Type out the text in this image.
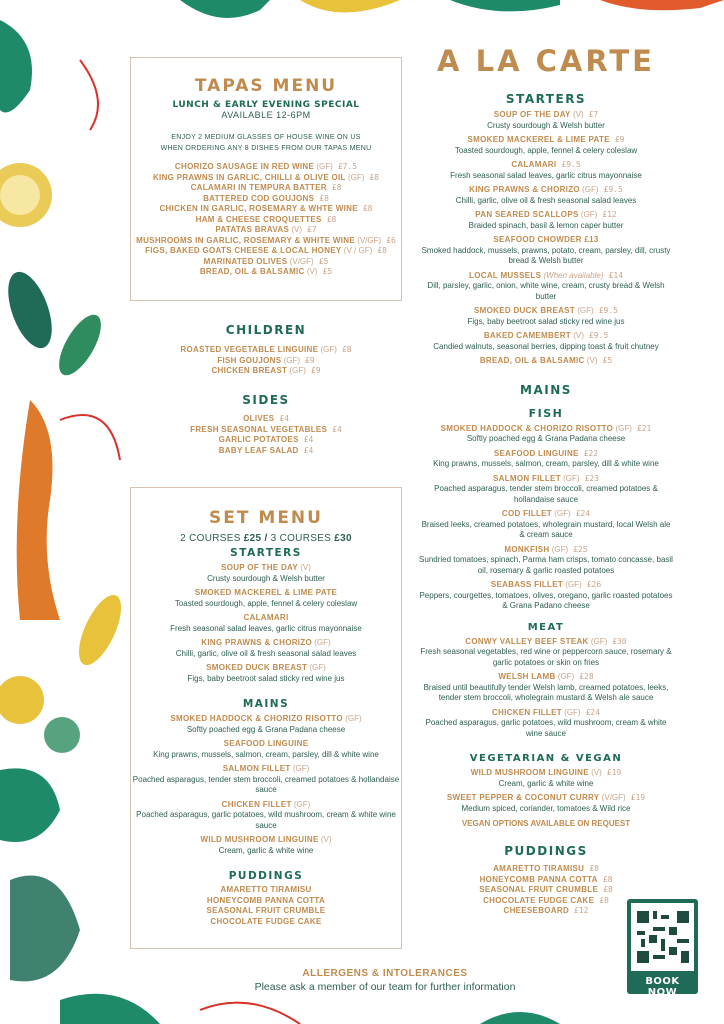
TAPAS MENU
LUNCH & EARLY EVENING SPECIAL
AVAILABLE 12-6PM
ENJOY 2 MEDIUM GLASSES OF HOUSE WINE ON US
WHEN ORDERING ANY 8 DISHES FROM OUR TAPAS MENU
CHORIZO SAUSAGE IN RED WINE (GF) £7.5
KING PRAWNS IN GARLIC, CHILLI & OLIVE OIL (GF) £8
CALAMARI IN TEMPURA BATTER £8
BATTERED COD GOUJONS £8
CHICKEN IN GARLIC, ROSEMARY & WHTE WINE £8
HAM & CHEESE CROQUETTES £8
PATATAS BRAVAS (V) £7
MUSHROOMS IN GARLIC, ROSEMARY & WHITE WINE (V/GF) £6
FIGS, BAKED GOATS CHEESE & LOCAL HONEY (V / GF) £8
MARINATED OLIVES (V/GF) £5
BREAD, OIL & BALSAMIC (V) £5
CHILDREN
ROASTED VEGETABLE LINGUINE (GF) £8
FISH GOUJONS (GF) £9
CHICKEN BREAST (GF) £9
SIDES
OLIVES £4
FRESH SEASONAL VEGETABLES £4
GARLIC POTATOES £4
BABY LEAF SALAD £4
SET MENU
2 COURSES £25 / 3 COURSES £30
STARTERS
SOUP OF THE DAY (V)
Crusty sourdough & Welsh butter
SMOKED MACKEREL & LIME PATE
Toasted sourdough, apple, fennel & celery coleslaw
CALAMARI
Fresh seasonal salad leaves, garlic citrus mayonnaise
KING PRAWNS & CHORIZO (GF)
Chilli, garlic, olive oil & fresh seasonal salad leaves
SMOKED DUCK BREAST (GF)
Figs, baby beetroot salad sticky red wine jus
MAINS
SMOKED HADDOCK & CHORIZO RISOTTO (GF)
Softly poached egg & Grana Padana cheese
SEAFOOD LINGUINE
King prawns, mussels, salmon, cream, parsley, dill & white wine
SALMON FILLET (GF)
Poached asparagus, tender stem broccoli, creamed potatoes & hollandaise sauce
CHICKEN FILLET (GF)
Poached asparagus, garlic potatoes, wild mushroom, cream & white wine sauce
WILD MUSHROOM LINGUINE (V)
Cream, garlic & white wine
PUDDINGS
AMARETTO TIRAMISU
HONEYCOMB PANNA COTTA
SEASONAL FRUIT CRUMBLE
CHOCOLATE FUDGE CAKE
A LA CARTE
STARTERS
SOUP OF THE DAY (V) £7
Crusty sourdough & Welsh butter
SMOKED MACKEREL & LIME PATE £9
Toasted sourdough, apple, fennel & celery coleslaw
CALAMARI £9.5
Fresh seasonal salad leaves, garlic citrus mayonnaise
KING PRAWNS & CHORIZO (GF) £9.5
Chilli, garlic, olive oil & fresh seasonal salad leaves
PAN SEARED SCALLOPS (GF) £12
Braided spinach, basil & lemon caper butter
SEAFOOD CHOWDER £13
Smoked haddock, mussels, prawns, potato, cream, parsley, dill, crusty bread & Welsh butter
LOCAL MUSSELS (When available) £14
Dill, parsley, garlic, onion, white wine, cream, crusty bread & Welsh butter
SMOKED DUCK BREAST (GF) £9.5
Figs, baby beetroot salad sticky red wine jus
BAKED CAMEMBERT (V) £9.5
Candied walnuts, seasonal berries, dipping toast & fruit chutney
BREAD, OIL & BALSAMIC (V) £5
MAINS
FISH
SMOKED HADDOCK & CHORIZO RISOTTO (GF) £21
Softly poached egg & Grana Padana cheese
SEAFOOD LINGUINE £22
King prawns, mussels, salmon, cream, parsley, dill & white wine
SALMON FILLET (GF) £23
Poached asparagus, tender stem broccoli, creamed potatoes & hollandaise sauce
COD FILLET (GF) £24
Braised leeks, creamed potatoes, wholegrain mustard, local Welsh ale & cream sauce
MONKFISH (GF) £25
Sundried tomatoes, spinach, Parma ham crisps, tomato concasse, basil oil, rosemary & garlic roasted potatoes
SEABASS FILLET (GF) £26
Peppers, courgettes, tomatoes, olives, oregano, garlic roasted potatoes & Grana Padano cheese
MEAT
CONWY VALLEY BEEF STEAK (GF) £30
Fresh seasonal vegetables, red wine or peppercorn sauce, rosemary & garlic potatoes or skin on fries
WELSH LAMB (GF) £28
Braised until beautifully tender Welsh lamb, creamed potatoes, leeks, tender stem broccoli, wholegrain mustard & Welsh ale sauce
CHICKEN FILLET (GF) £24
Poached asparagus, garlic potatoes, wild mushroom, cream & white wine sauce
VEGETARIAN & VEGAN
WILD MUSHROOM LINGUINE (V) £19
Cream, garlic & white wine
SWEET PEPPER & COCONUT CURRY (V/GF) £19
Medium spiced, coriander, tomatoes & Wild rice
VEGAN OPTIONS AVAILABLE ON REQUEST
PUDDINGS
AMARETTO TIRAMISU £8
HONEYCOMB PANNA COTTA £8
SEASONAL FRUIT CRUMBLE £8
CHOCOLATE FUDGE CAKE £8
CHEESEBOARD £12
ALLERGENS & INTOLERANCES
Please ask a member of our team for further information	BOOK NOW
